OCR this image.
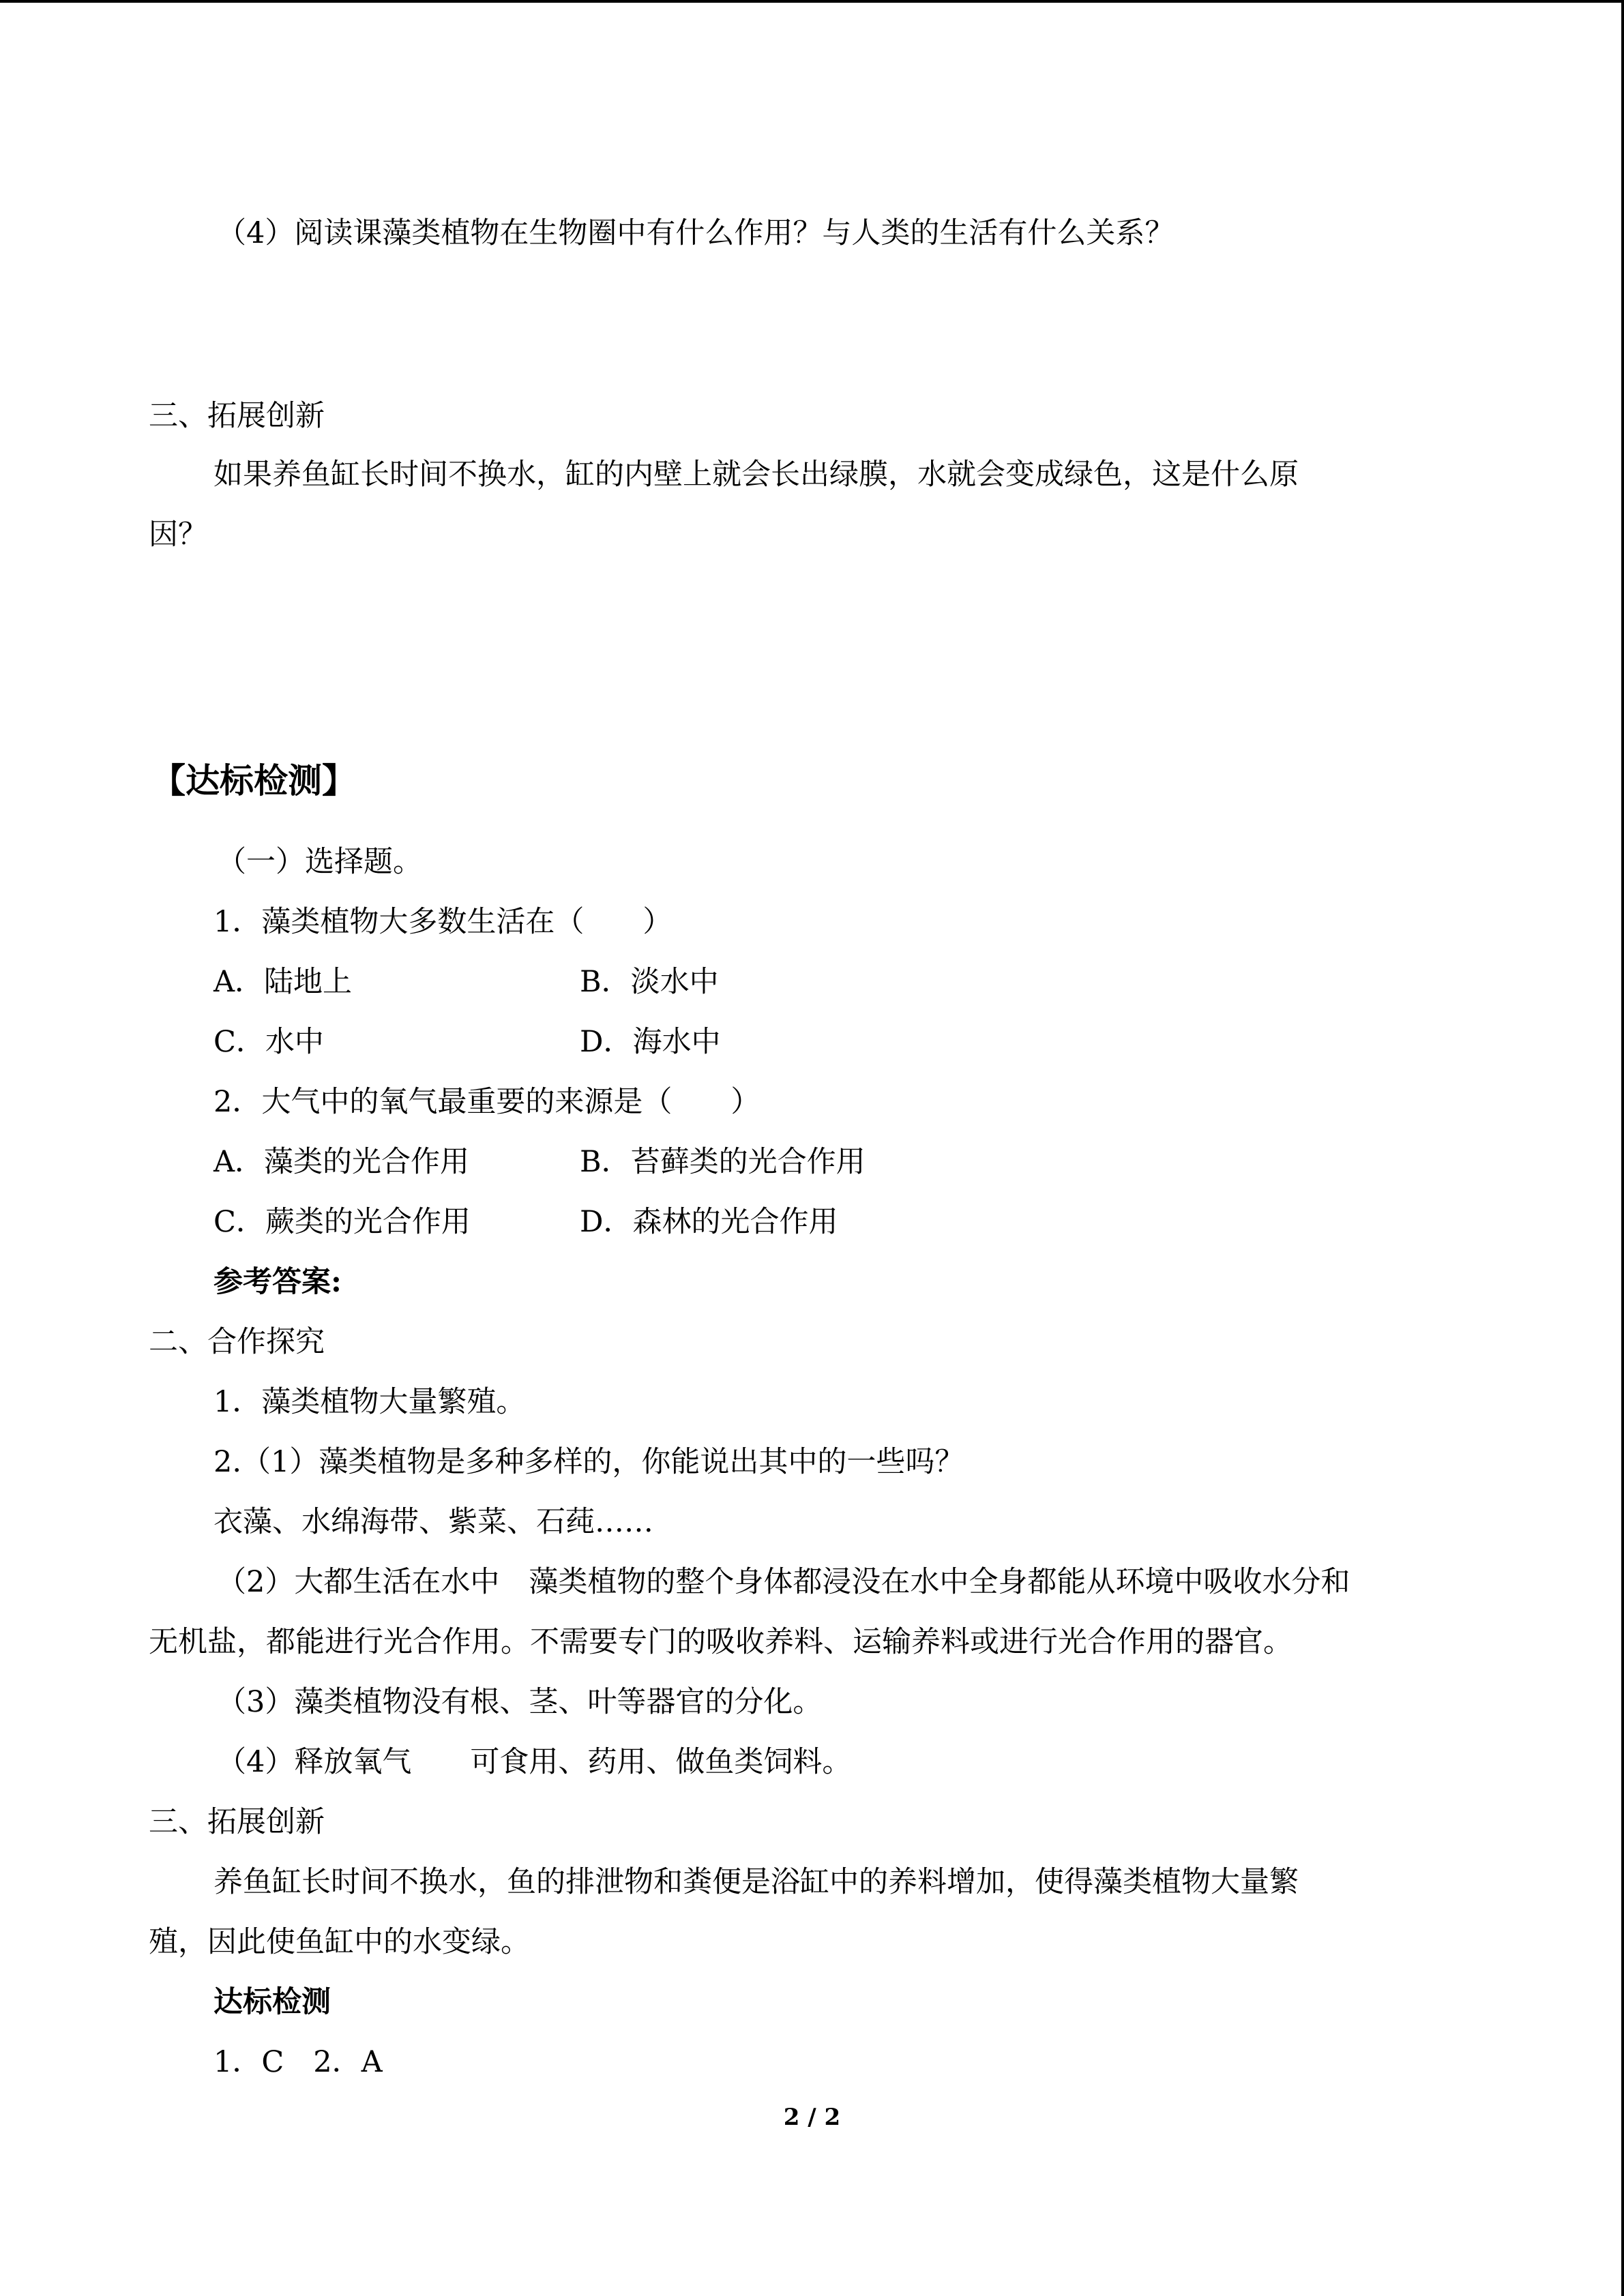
（4）阅读课藻类植物在生物圈中有什么作用？与人类的生活有什么关系？
三、拓展创新
如果养鱼缸长时间不换水，缸的内壁上就会长出绿膜，水就会变成绿色，这是什么原
因？
【达标检测】
（一）选择题。
1．藻类植物大多数生活在（　　）
A．陆地上	B．淡水中
C．水中	D．海水中
2．大气中的氧气最重要的来源是（　　）
A．藻类的光合作用	B．苔藓类的光合作用
C．蕨类的光合作用	D．森林的光合作用
参考答案:
二、合作探究
1．藻类植物大量繁殖。
2.（1）藻类植物是多种多样的，你能说出其中的一些吗？
衣藻、水绵海带、紫菜、石莼……
（2）大都生活在水中　藻类植物的整个身体都浸没在水中全身都能从环境中吸收水分和
无机盐，都能进行光合作用。不需要专门的吸收养料、运输养料或进行光合作用的器官。
（3）藻类植物没有根、茎、叶等器官的分化。
（4）释放氧气　　可食用、药用、做鱼类饲料。
三、拓展创新
养鱼缸长时间不换水，鱼的排泄物和粪便是浴缸中的养料增加，使得藻类植物大量繁
殖，因此使鱼缸中的水变绿。
达标检测
1．C　2．A
2 / 2
